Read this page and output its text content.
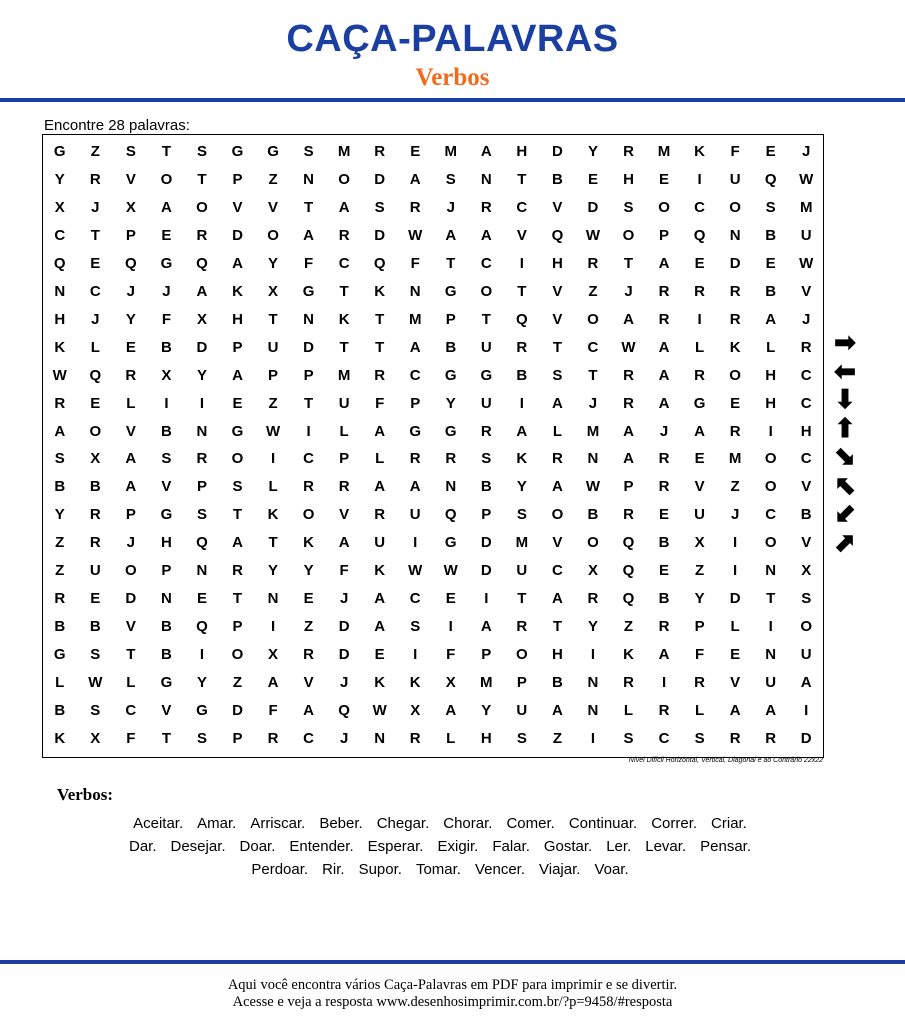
CAÇA-PALAVRAS
Verbos
Encontre 28 palavras:
G	Z	S	T	S	G	G	S	M	R	E	M	A	H	D	Y	R	M	K	F	E	J
Y	R	V	O	T	P	Z	N	O	D	A	S	N	T	B	E	H	E	I	U	Q	W
X	J	X	A	O	V	V	T	A	S	R	J	R	C	V	D	S	O	C	O	S	M
C	T	P	E	R	D	O	A	R	D	W	A	A	V	Q	W	O	P	Q	N	B	U
Q	E	Q	G	Q	A	Y	F	C	Q	F	T	C	I	H	R	T	A	E	D	E	W
N	C	J	J	A	K	X	G	T	K	N	G	O	T	V	Z	J	R	R	R	B	V
H	J	Y	F	X	H	T	N	K	T	M	P	T	Q	V	O	A	R	I	R	A	J
K	L	E	B	D	P	U	D	T	T	A	B	U	R	T	C	W	A	L	K	L	R
W	Q	R	X	Y	A	P	P	M	R	C	G	G	B	S	T	R	A	R	O	H	C
R	E	L	I	I	E	Z	T	U	F	P	Y	U	I	A	J	R	A	G	E	H	C
A	O	V	B	N	G	W	I	L	A	G	G	R	A	L	M	A	J	A	R	I	H
S	X	A	S	R	O	I	C	P	L	R	R	S	K	R	N	A	R	E	M	O	C
B	B	A	V	P	S	L	R	R	A	A	N	B	Y	A	W	P	R	V	Z	O	V
Y	R	P	G	S	T	K	O	V	R	U	Q	P	S	O	B	R	E	U	J	C	B
Z	R	J	H	Q	A	T	K	A	U	I	G	D	M	V	O	Q	B	X	I	O	V
Z	U	O	P	N	R	Y	Y	F	K	W	W	D	U	C	X	Q	E	Z	I	N	X
R	E	D	N	E	T	N	E	J	A	C	E	I	T	A	R	Q	B	Y	D	T	S
B	B	V	B	Q	P	I	Z	D	A	S	I	A	R	T	Y	Z	R	P	L	I	O
G	S	T	B	I	O	X	R	D	E	I	F	P	O	H	I	K	A	F	E	N	U
L	W	L	G	Y	Z	A	V	J	K	K	X	M	P	B	N	R	I	R	V	U	A
B	S	C	V	G	D	F	A	Q	W	X	A	Y	U	A	N	L	R	L	A	A	I
K	X	F	T	S	P	R	C	J	N	R	L	H	S	Z	I	S	C	S	R	R	D
Nível Difícil Horizontal, Vertical, Diagonal e ao Contrário 22x22
➡
⬅
⬇
⬆
⬊
⬉
⬋
⬈
Verbos:
Aceitar. Amar. Arriscar. Beber. Chegar. Chorar. Comer. Continuar. Correr. Criar.
Dar. Desejar. Doar. Entender. Esperar. Exigir. Falar. Gostar. Ler. Levar. Pensar.
Perdoar. Rir. Supor. Tomar. Vencer. Viajar. Voar.
Aqui você encontra vários Caça-Palavras em PDF para imprimir e se divertir.
Acesse e veja a resposta www.desenhosimprimir.com.br/?p=9458/#resposta
